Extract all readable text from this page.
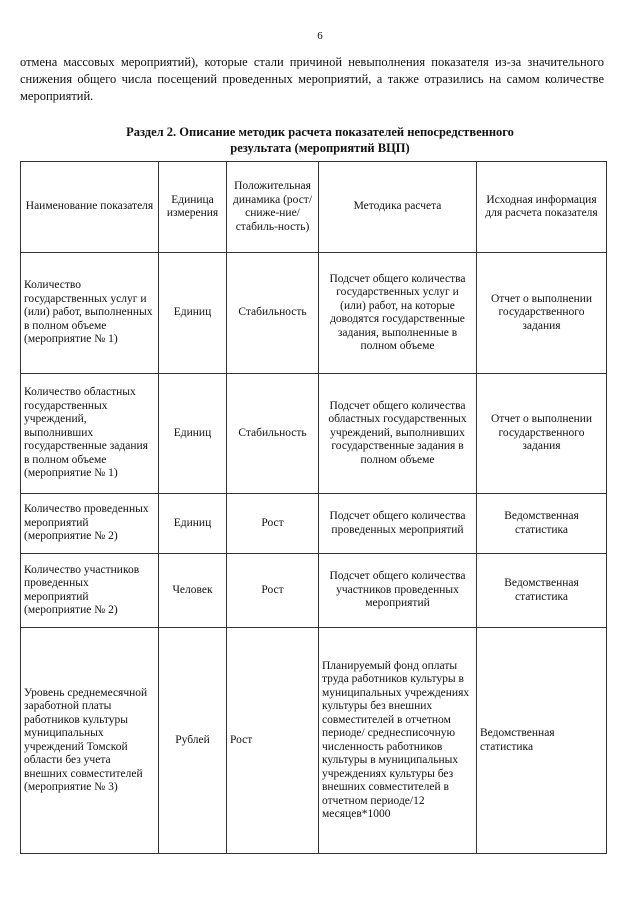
6

отмена массовых мероприятий), которые стали причиной невыполнения показателя из-за значительного снижения общего числа посещений проведенных мероприятий, а также отразились на самом количестве мероприятий.

Раздел 2. Описание методик расчета показателей непосредственного
результата (мероприятий ВЦП)
Наименование показателя	Единица измерения	Положительная динамика (рост/сниже-ние/стабиль-ность)	Методика расчета	Исходная информация для расчета показателя
Количество государственных услуг и (или) работ, выполненных в полном объеме (мероприятие № 1)	Единиц	Стабильность	Подсчет общего количества государственных услуг и (или) работ, на которые доводятся государственные задания, выполненные в полном объеме	Отчет о выполнении государственного задания
Количество областных государственных учреждений, выполнивших государственные задания в полном объеме (мероприятие № 1)	Единиц	Стабильность	Подсчет общего количества областных государственных учреждений, выполнивших государственные задания в полном объеме	Отчет о выполнении государственного задания
Количество проведенных мероприятий (мероприятие № 2)	Единиц	Рост	Подсчет общего количества проведенных мероприятий	Ведомственная статистика
Количество участников проведенных мероприятий (мероприятие № 2)	Человек	Рост	Подсчет общего количества участников проведенных мероприятий	Ведомственная статистика
Уровень среднемесячной заработной платы работников культуры муниципальных учреждений Томской области без учета внешних совместителей (мероприятие № 3)	Рублей	Рост	Планируемый фонд оплаты труда работников культуры в муниципальных учреждениях культуры без внешних совместителей в отчетном периоде/ среднесписочную численность работников культуры в муниципальных учреждениях культуры без внешних совместителей в отчетном периоде/12 месяцев*1000	Ведомственная статистика
